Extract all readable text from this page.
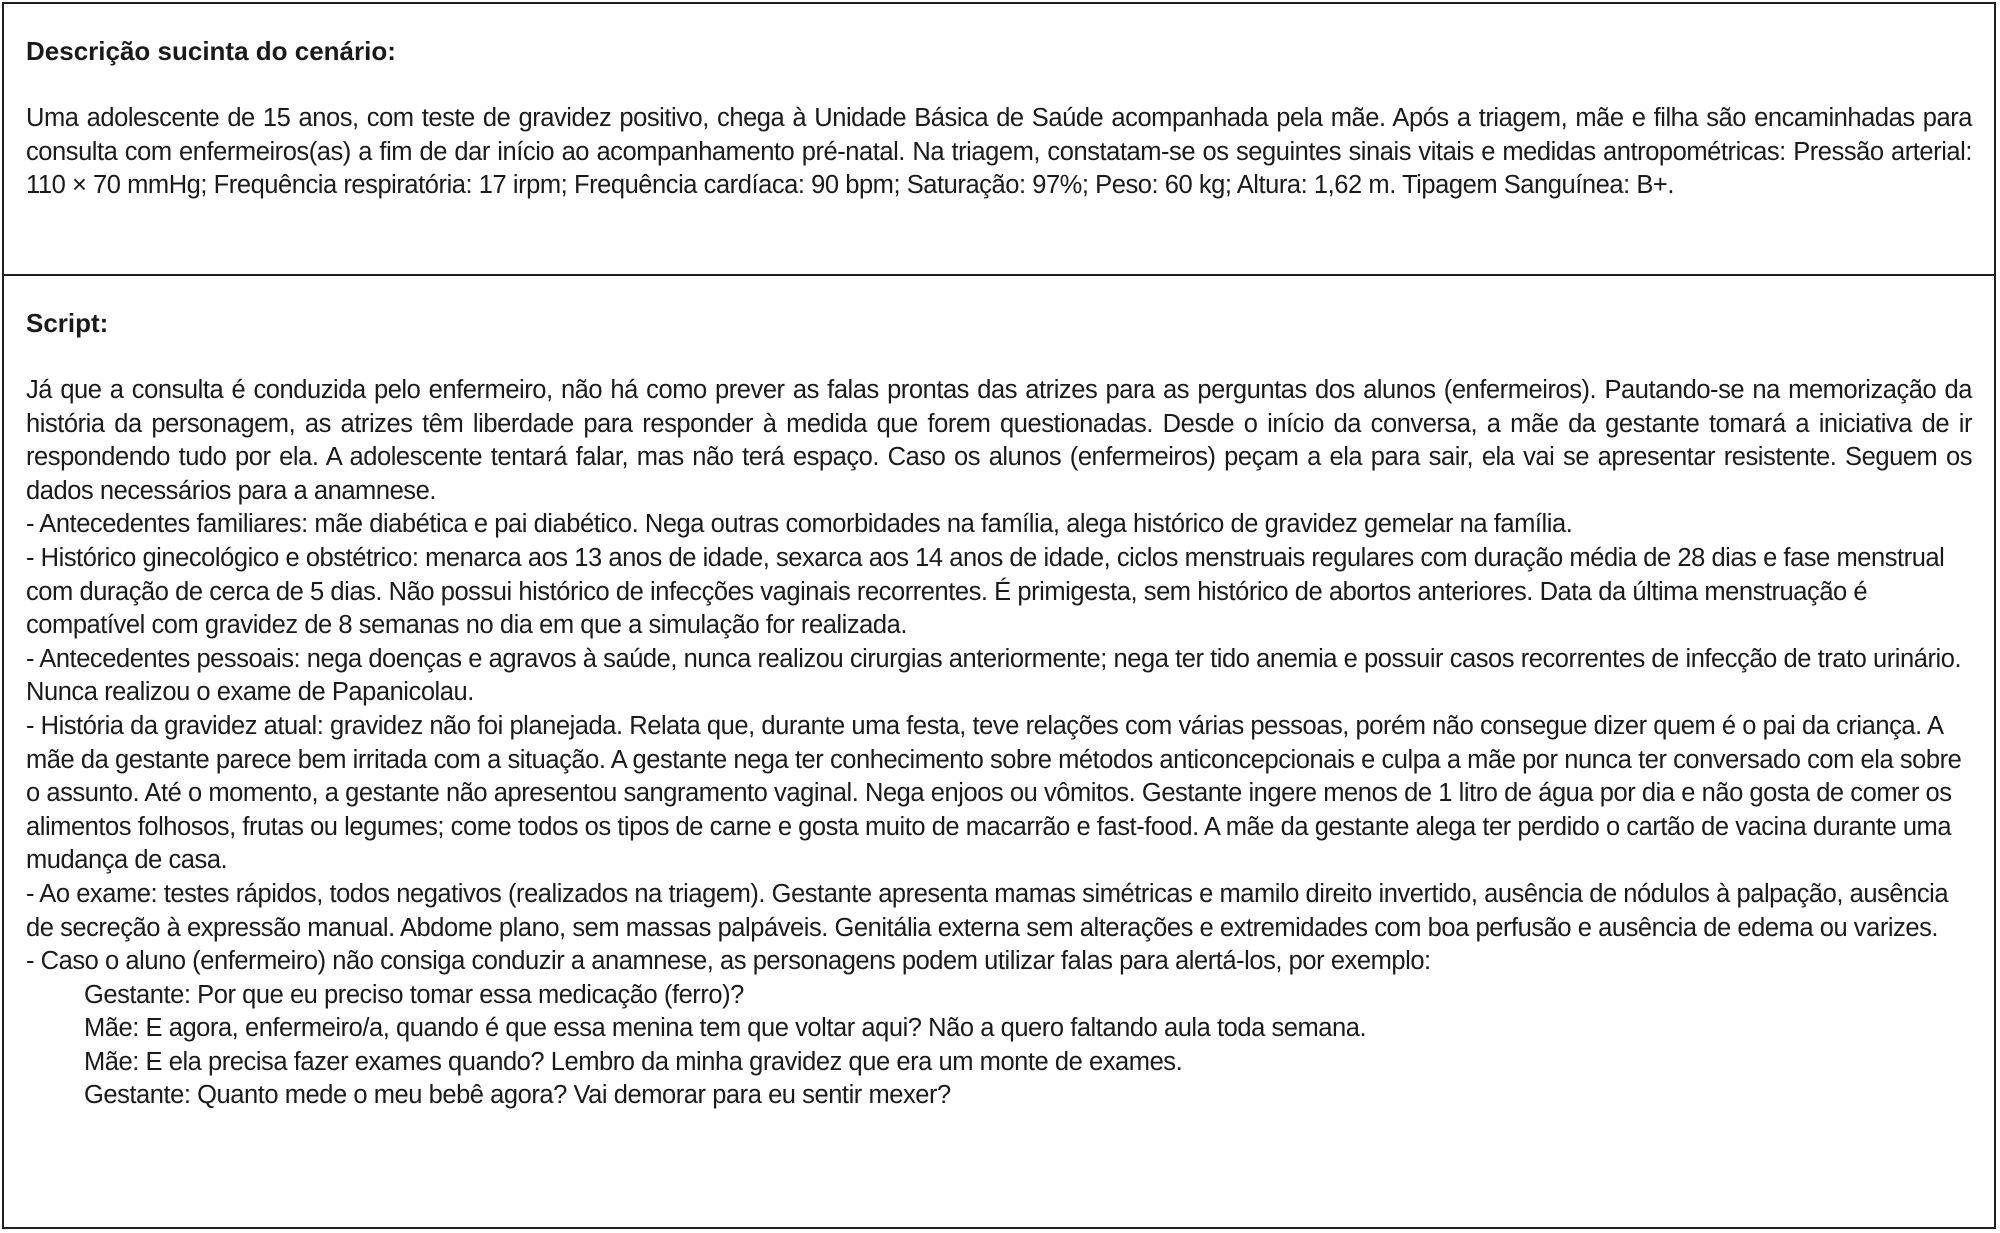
Descrição sucinta do cenário:

Uma adolescente de 15 anos, com teste de gravidez positivo, chega à Unidade Básica de Saúde acompanhada pela mãe. Após a triagem, mãe e filha são encaminhadas para consulta com enfermeiros(as) a fim de dar início ao acompanhamento pré-natal. Na triagem, constatam-se os seguintes sinais vitais e medidas antropométricas: Pressão arterial: 110 × 70 mmHg; Frequência respiratória: 17 irpm; Frequência cardíaca: 90 bpm; Saturação: 97%; Peso: 60 kg; Altura: 1,62 m. Tipagem Sanguínea: B+.

Script:

Já que a consulta é conduzida pelo enfermeiro, não há como prever as falas prontas das atrizes para as perguntas dos alunos (enfermeiros). Pautando-se na memorização da história da personagem, as atrizes têm liberdade para responder à medida que forem questionadas. Desde o início da conversa, a mãe da gestante tomará a iniciativa de ir respondendo tudo por ela. A adolescente tentará falar, mas não terá espaço. Caso os alunos (enfermeiros) peçam a ela para sair, ela vai se apresentar resistente. Seguem os dados necessários para a anamnese.

- Antecedentes familiares: mãe diabética e pai diabético. Nega outras comorbidades na família, alega histórico de gravidez gemelar na família.

- Histórico ginecológico e obstétrico: menarca aos 13 anos de idade, sexarca aos 14 anos de idade, ciclos menstruais regulares com duração média de 28 dias e fase menstrual com duração de cerca de 5 dias. Não possui histórico de infecções vaginais recorrentes. É primigesta, sem histórico de abortos anteriores. Data da última menstruação é compatível com gravidez de 8 semanas no dia em que a simulação for realizada.

- Antecedentes pessoais: nega doenças e agravos à saúde, nunca realizou cirurgias anteriormente; nega ter tido anemia e possuir casos recorrentes de infecção de trato urinário. Nunca realizou o exame de Papanicolau.

- História da gravidez atual: gravidez não foi planejada. Relata que, durante uma festa, teve relações com várias pessoas, porém não consegue dizer quem é o pai da criança. A mãe da gestante parece bem irritada com a situação. A gestante nega ter conhecimento sobre métodos anticoncepcionais e culpa a mãe por nunca ter conversado com ela sobre o assunto. Até o momento, a gestante não apresentou sangramento vaginal. Nega enjoos ou vômitos. Gestante ingere menos de 1 litro de água por dia e não gosta de comer os alimentos folhosos, frutas ou legumes; come todos os tipos de carne e gosta muito de macarrão e fast-food. A mãe da gestante alega ter perdido o cartão de vacina durante uma mudança de casa.

- Ao exame: testes rápidos, todos negativos (realizados na triagem). Gestante apresenta mamas simétricas e mamilo direito invertido, ausência de nódulos à palpação, ausência de secreção à expressão manual. Abdome plano, sem massas palpáveis. Genitália externa sem alterações e extremidades com boa perfusão e ausência de edema ou varizes.

- Caso o aluno (enfermeiro) não consiga conduzir a anamnese, as personagens podem utilizar falas para alertá-los, por exemplo:

Gestante: Por que eu preciso tomar essa medicação (ferro)?

Mãe: E agora, enfermeiro/a, quando é que essa menina tem que voltar aqui? Não a quero faltando aula toda semana.

Mãe: E ela precisa fazer exames quando? Lembro da minha gravidez que era um monte de exames.

Gestante: Quanto mede o meu bebê agora? Vai demorar para eu sentir mexer?
